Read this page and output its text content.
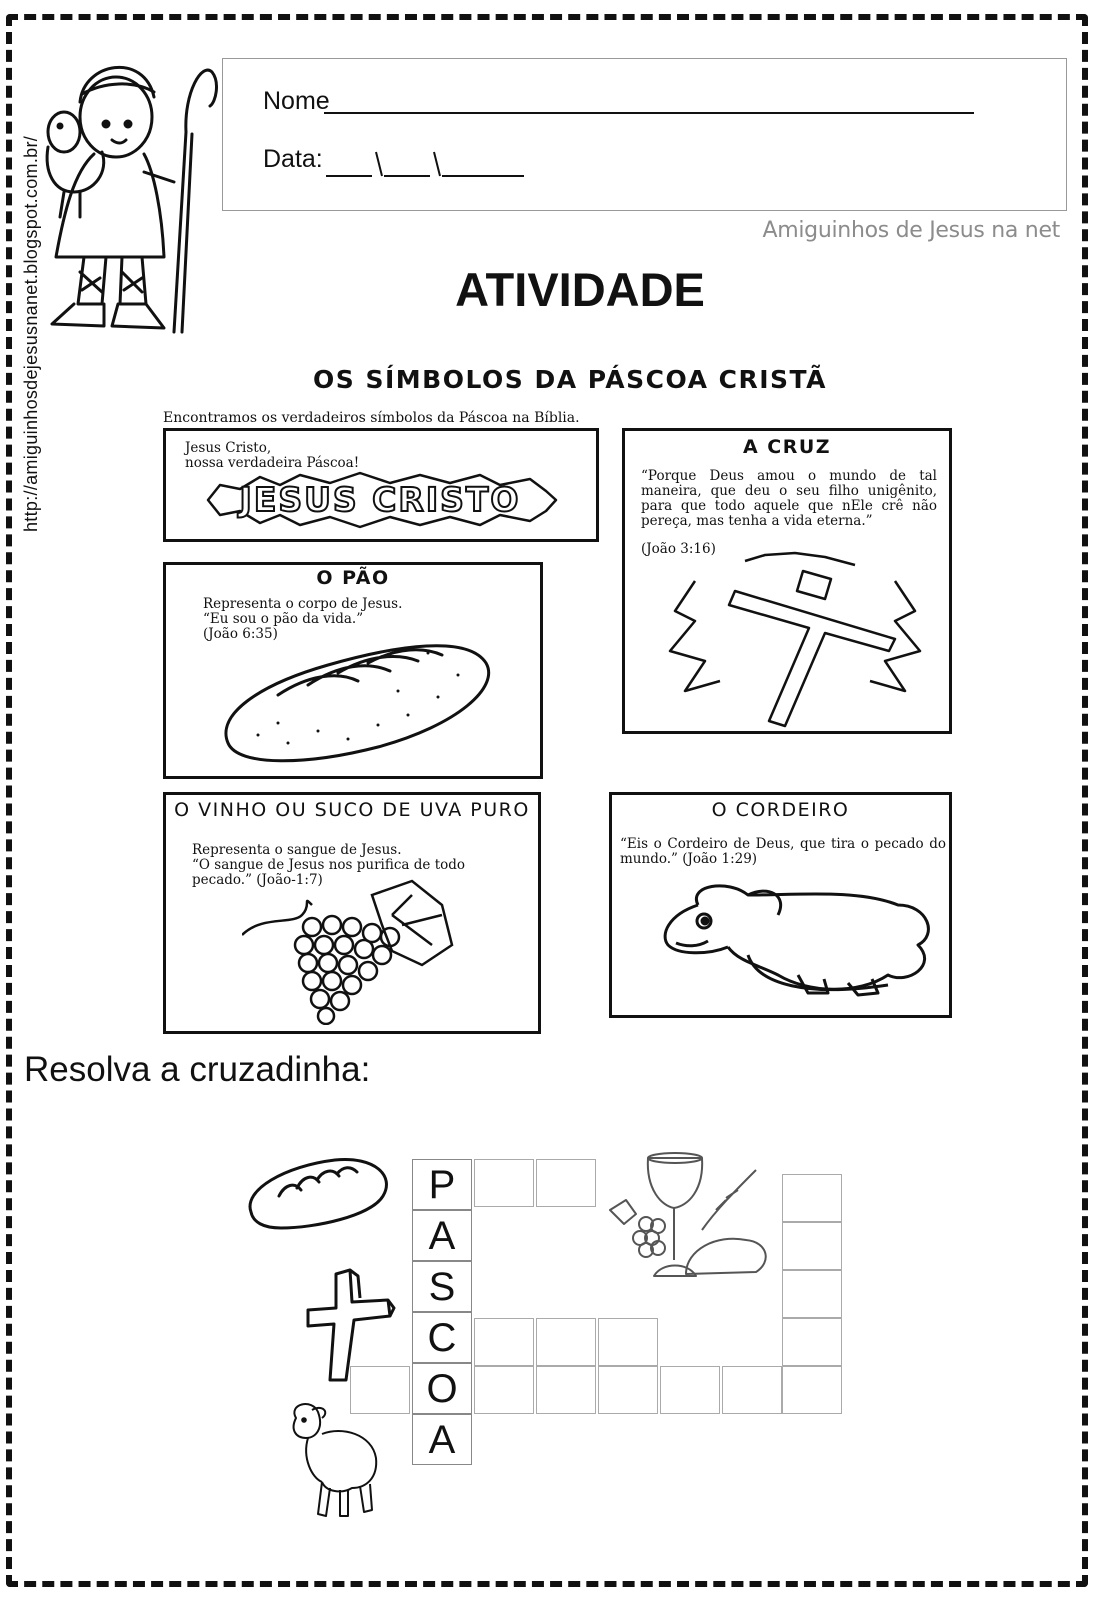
http://amiguinhosdejesusnanet.blogspot.com.br/
Nome
Data:
Amiguinhos de Jesus na net
ATIVIDADE
OS SÍMBOLOS DA PÁSCOA CRISTÃ
Encontramos os verdadeiros símbolos da Páscoa na Bíblia.

Jesus Cristo,

nossa verdadeira Páscoa!

JESUS CRISTO
A CRUZ

“Porque Deus amou o mundo de tal maneira, que deu o seu filho unigênito, para que todo aquele que nEle crê não pereça, mas tenha a vida eterna.”

(João 3:16)

O PÃO

Representa o corpo de Jesus.

“Eu sou o pão da vida.”

(João 6:35)

O VINHO OU SUCO DE UVA PURO

Representa o sangue de Jesus.

“O sangue de Jesus nos purifica de todo pecado.” (João-1:7)

O CORDEIRO

“Eis o Cordeiro de Deus, que tira o pecado do mundo.” (João 1:29)

Resolva a cruzadinha:
P
A
S
C
O
A
